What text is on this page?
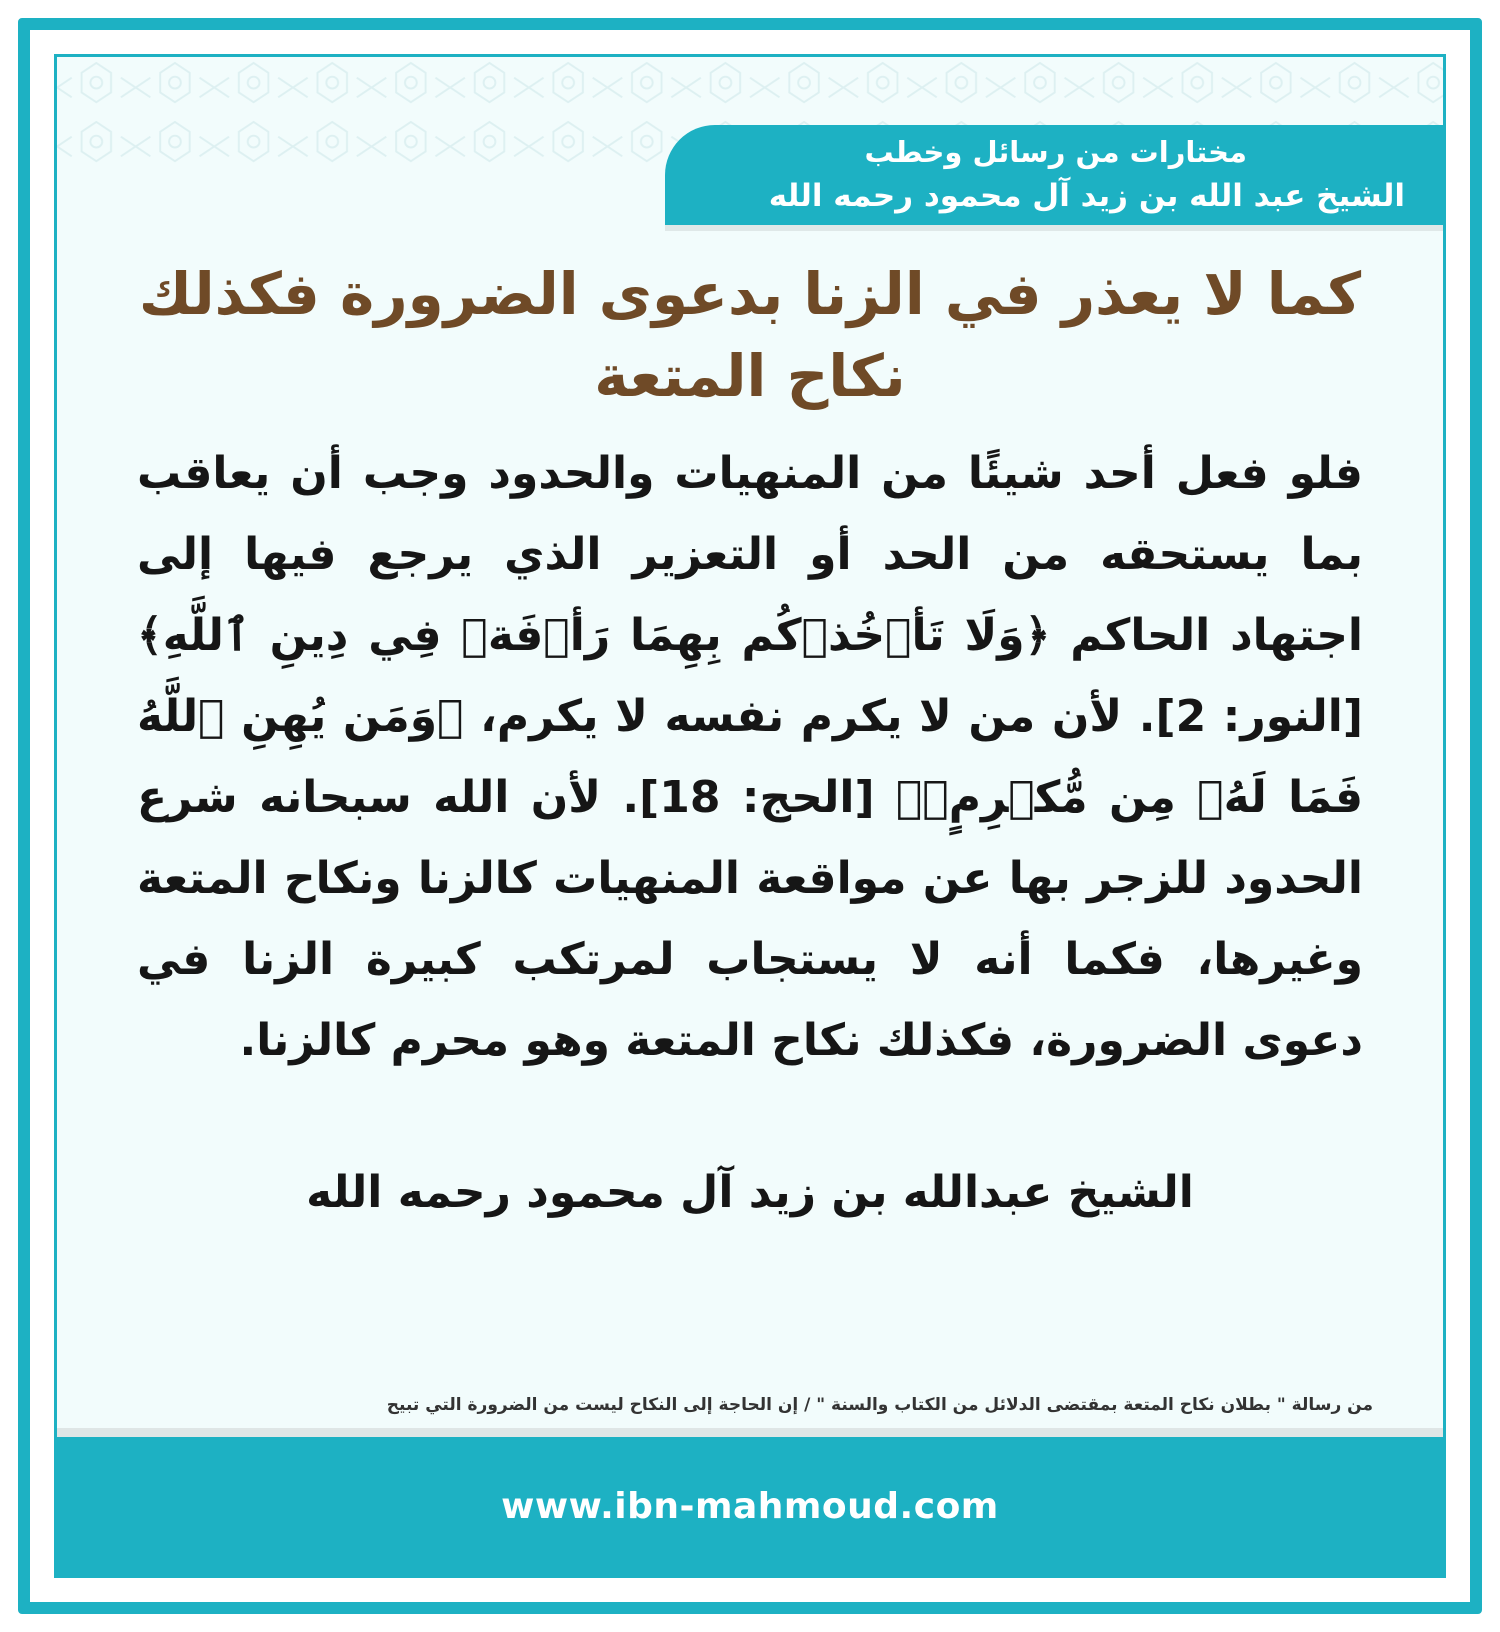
مختارات من رسائل وخطب
الشيخ عبد الله بن زيد آل محمود رحمه الله
كما لا يعذر في الزنا بدعوى الضرورة فكذلك نكاح المتعة

فلو فعل أحد شيئًا من المنهيات والحدود وجب أن يعاقب بما يستحقه من الحد أو التعزير الذي يرجع فيها إلى اجتهاد الحاكم ﴿وَلَا تَأۡخُذۡكُم بِهِمَا رَأۡفَةٞ فِي دِينِ ٱللَّهِ﴾ [النور: 2]. لأن من لا يكرم نفسه لا يكرم، ﴿وَمَن يُهِنِ ٱللَّهُ فَمَا لَهُۥ مِن مُّكۡرِمٍۚ﴾ [الحج: 18]. لأن الله سبحانه شرع الحدود للزجر بها عن مواقعة المنهيات كالزنا ونكاح المتعة وغيرها، فكما أنه لا يستجاب لمرتكب كبيرة الزنا في دعوى الضرورة، فكذلك نكاح المتعة وهو محرم كالزنا.

الشيخ عبدالله بن زيد آل محمود رحمه الله
من رسالة " بطلان نكاح المتعة بمقتضى الدلائل من الكتاب والسنة " / إن الحاجة إلى النكاح ليست من الضرورة التي تبيح
www.ibn-mahmoud.com
